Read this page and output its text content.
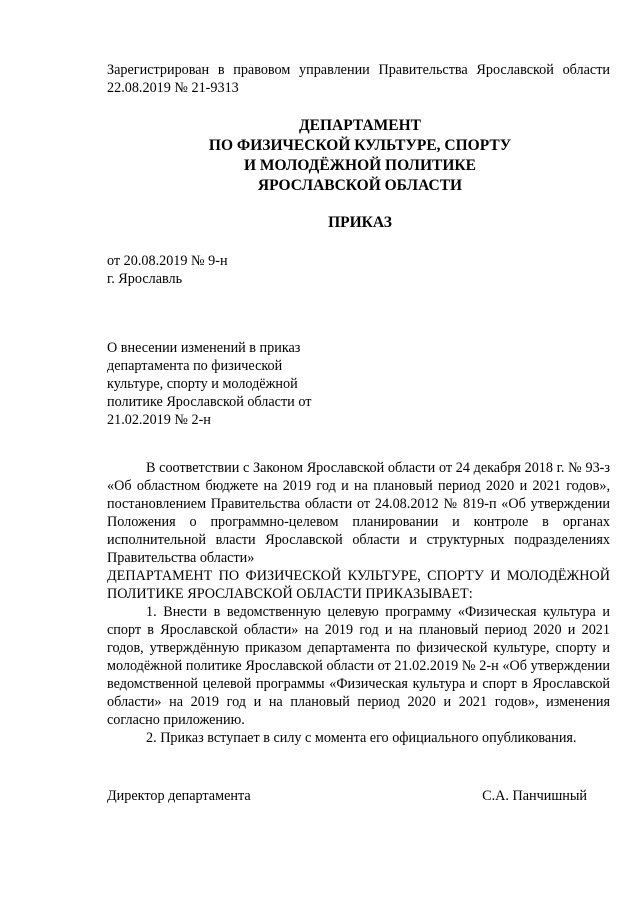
Зарегистрирован в правовом управлении Правительства Ярославской области 22.08.2019 № 21-9313
ДЕПАРТАМЕНТ
ПО ФИЗИЧЕСКОЙ КУЛЬТУРЕ, СПОРТУ
И МОЛОДЁЖНОЙ ПОЛИТИКЕ
ЯРОСЛАВСКОЙ ОБЛАСТИ
ПРИКАЗ
от 20.08.2019 № 9-н
г. Ярославль
О внесении изменений в приказ
департамента по физической
культуре, спорту и молодёжной
политике Ярославской области от
21.02.2019 № 2-н

В соответствии с Законом Ярославской области от 24 декабря 2018 г. № 93-з «Об областном бюджете на 2019 год и на плановый период 2020 и 2021 годов», постановлением Правительства области от 24.08.2012 № 819-п «Об утверждении Положения о программно-целевом планировании и контроле в органах исполнительной власти Ярославской области и структурных подразделениях Правительства области»

ДЕПАРТАМЕНТ ПО ФИЗИЧЕСКОЙ КУЛЬТУРЕ, СПОРТУ И МОЛОДЁЖНОЙ ПОЛИТИКЕ ЯРОСЛАВСКОЙ ОБЛАСТИ ПРИКАЗЫВАЕТ:

1. Внести в ведомственную целевую программу «Физическая культура и спорт в Ярославской области» на 2019 год и на плановый период 2020 и 2021 годов, утверждённую приказом департамента по физической культуре, спорту и молодёжной политике Ярославской области от 21.02.2019 № 2-н «Об утверждении ведомственной целевой программы «Физическая культура и спорт в Ярославской области» на 2019 год и на плановый период 2020 и 2021 годов», изменения согласно приложению.

2. Приказ вступает в силу с момента его официального опубликования.

Директор департамента	С.А. Панчишный
